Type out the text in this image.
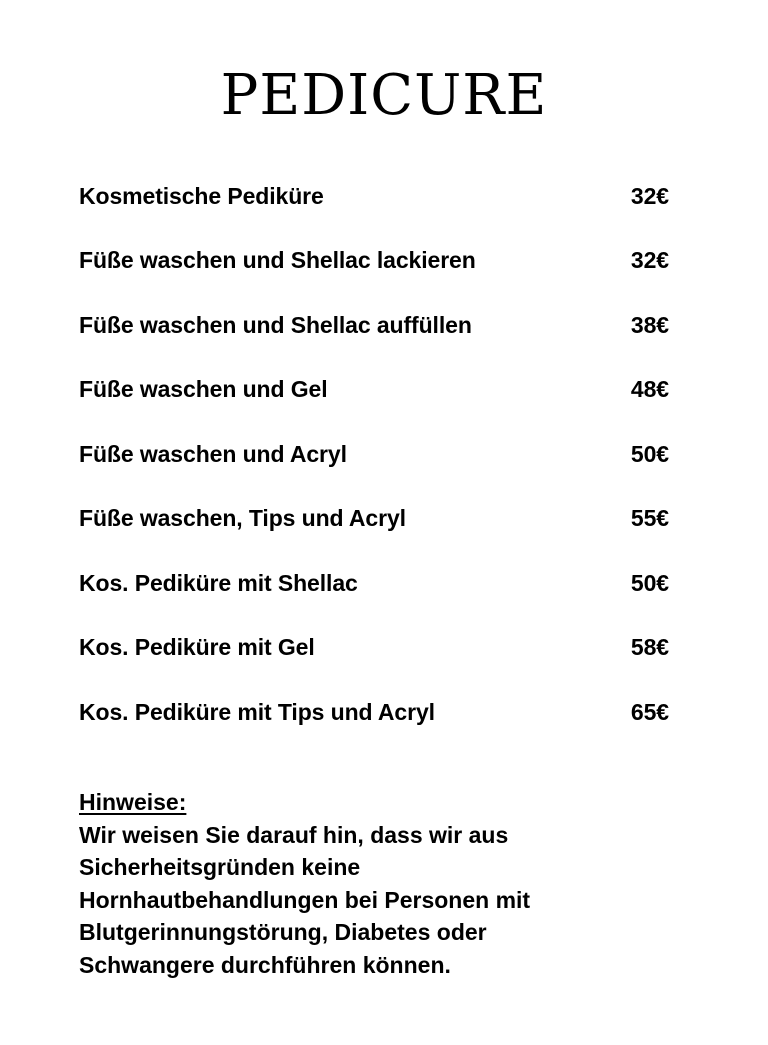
PEDICURE
Kosmetische Pediküre	32€
Füße waschen und Shellac lackieren	32€
Füße waschen und Shellac auffüllen	38€
Füße waschen und Gel	48€
Füße waschen und Acryl	50€
Füße waschen, Tips und Acryl	55€
Kos. Pediküre mit Shellac	50€
Kos. Pediküre mit Gel	58€
Kos. Pediküre mit Tips und Acryl	65€
Hinweise:
Wir weisen Sie darauf hin, dass wir aus
Sicherheitsgründen keine
Hornhautbehandlungen bei Personen mit
Blutgerinnungstörung, Diabetes oder
Schwangere durchführen können.
